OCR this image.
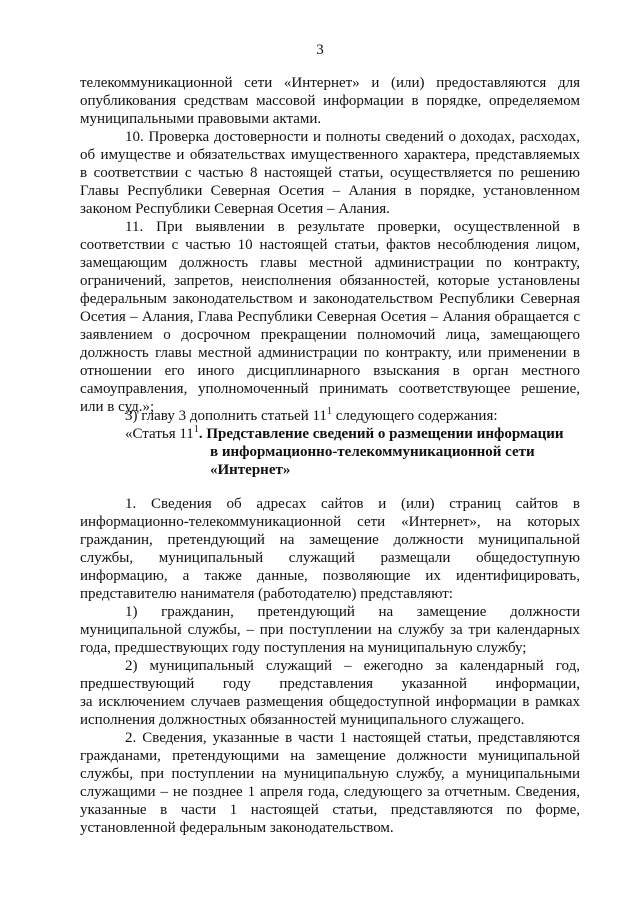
3
телекоммуникационной сети «Интернет» и (или) предоставляются для
опубликования средствам массовой информации в порядке, определяемом
муниципальными правовыми актами.
10. Проверка достоверности и полноты сведений о доходах, расходах,
об имуществе и обязательствах имущественного характера, представляемых
в соответствии с частью 8 настоящей статьи, осуществляется по решению
Главы Республики Северная Осетия – Алания в порядке, установленном
законом Республики Северная Осетия – Алания.
11. При выявлении в результате проверки, осуществленной в
соответствии с частью 10 настоящей статьи, фактов несоблюдения лицом,
замещающим должность главы местной администрации по контракту,
ограничений, запретов, неисполнения обязанностей, которые установлены
федеральным законодательством и законодательством Республики Северная
Осетия – Алания, Глава Республики Северная Осетия – Алания обращается с
заявлением о досрочном прекращении полномочий лица, замещающего
должность главы местной администрации по контракту, или применении в
отношении его иного дисциплинарного взыскания в орган местного
самоуправления, уполномоченный принимать соответствующее решение,
или в суд.»;
3) главу 3 дополнить статьей $11^1$ следующего содержания:
«Статья $11^1$. Представление сведений о размещении информации
в информационно-телекоммуникационной сети
«Интернет»
1. Сведения об адресах сайтов и (или) страниц сайтов в
информационно-телекоммуникационной сети «Интернет», на которых
гражданин, претендующий на замещение должности муниципальной
службы, муниципальный служащий размещали общедоступную
информацию, а также данные, позволяющие их идентифицировать,
представителю нанимателя (работодателю) представляют:
1) гражданин, претендующий на замещение должности
муниципальной службы, – при поступлении на службу за три календарных
года, предшествующих году поступления на муниципальную службу;
2) муниципальный служащий – ежегодно за календарный год,
предшествующий году представления указанной информации,
за исключением случаев размещения общедоступной информации в рамках
исполнения должностных обязанностей муниципального служащего.
2. Сведения, указанные в части 1 настоящей статьи, представляются
гражданами, претендующими на замещение должности муниципальной
службы, при поступлении на муниципальную службу, а муниципальными
служащими – не позднее 1 апреля года, следующего за отчетным. Сведения,
указанные в части 1 настоящей статьи, представляются по форме,
установленной федеральным законодательством.
